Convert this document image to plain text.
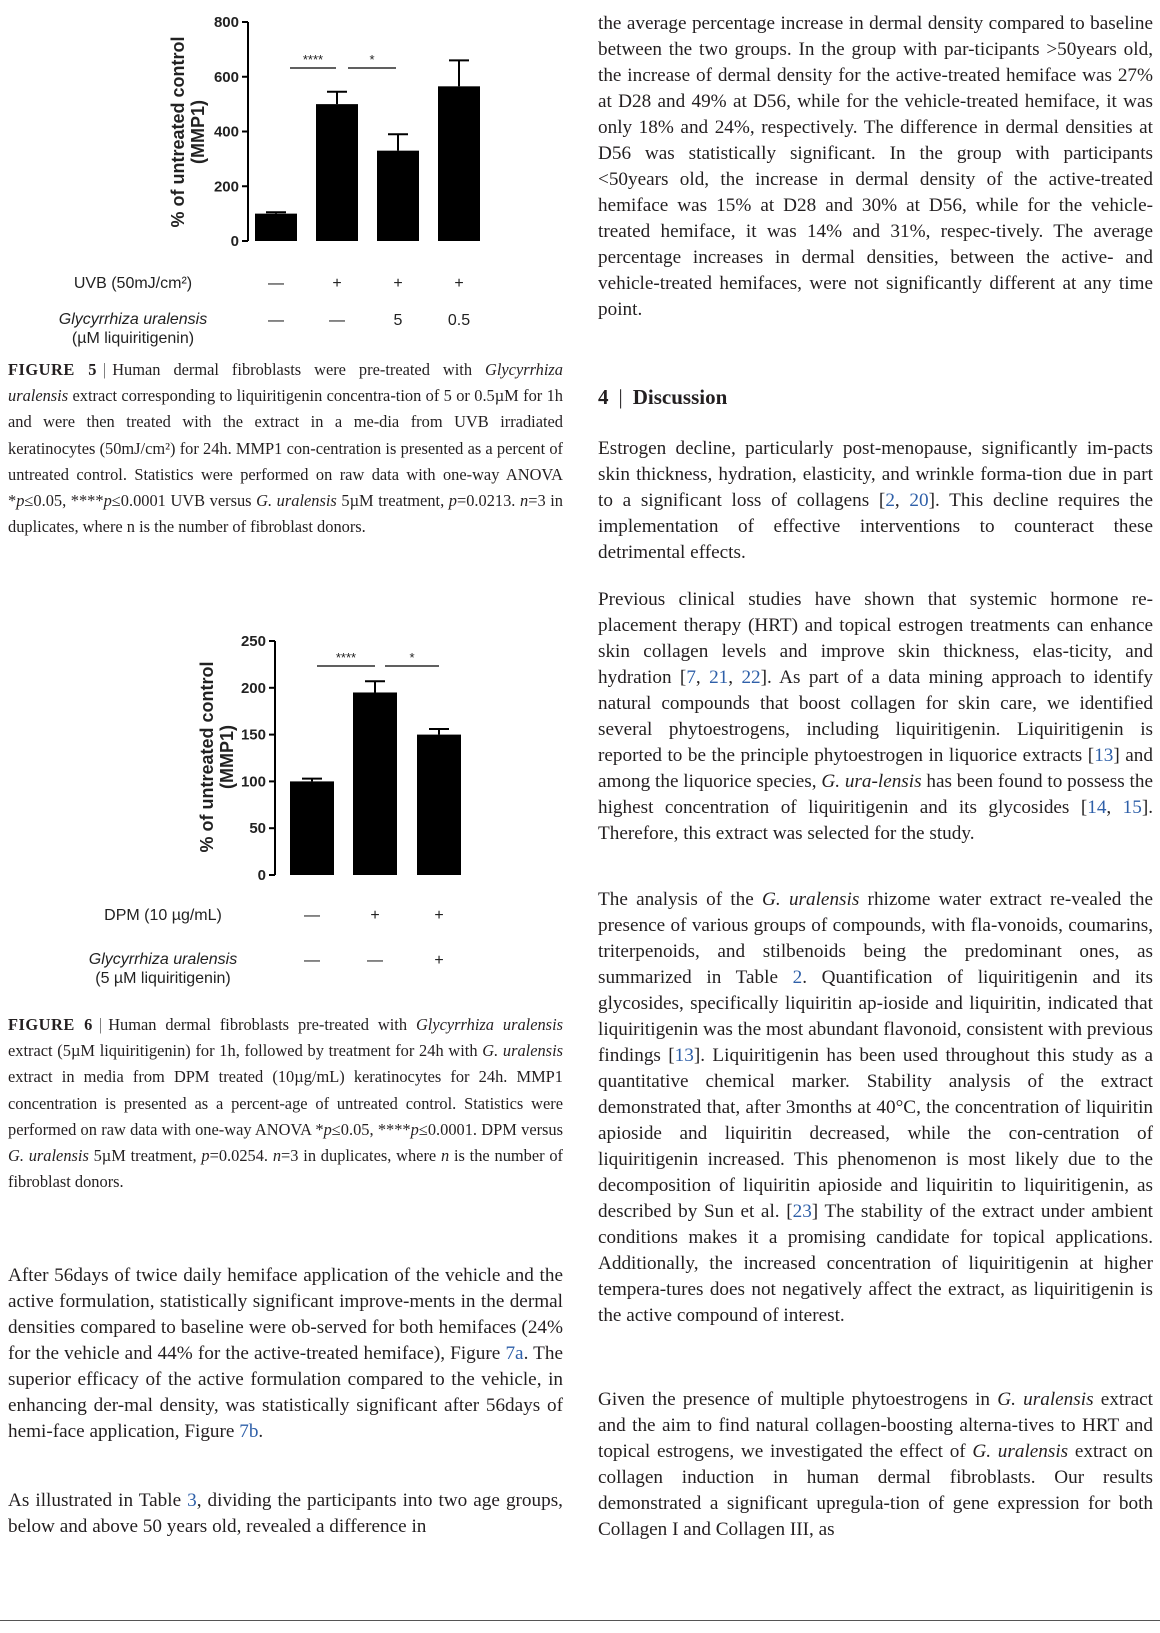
0
200
400
600
800
% of untreated control (MMP1)
****	*
UVB (50mJ/cm²)	—	+	+	+
Glycyrrhiza uralensis
(µM liquiritigenin)
—	—	5	0.5

FIGURE 5 | Human dermal fibroblasts were pre-treated with Glycyrrhiza uralensis extract corresponding to liquiritigenin concentra-tion of 5 or 0.5µM for 1h and were then treated with the extract in a me-dia from UVB irradiated keratinocytes (50mJ/cm²) for 24h. MMP1 con-centration is presented as a percent of untreated control. Statistics were performed on raw data with one-way ANOVA *p≤0.05, ****p≤0.0001 UVB versus G. uralensis 5µM treatment, p=0.0213. n=3 in duplicates, where n is the number of fibroblast donors.

0
50
100
150
200
250
% of untreated control (MMP1)
****	*
DPM (10 µg/mL)	—	+	+
Glycyrrhiza uralensis
(5 µM liquiritigenin)
—	—	+

FIGURE 6 | Human dermal fibroblasts pre-treated with Glycyrrhiza uralensis extract (5µM liquiritigenin) for 1h, followed by treatment for 24h with G. uralensis extract in media from DPM treated (10µg/mL) keratinocytes for 24h. MMP1 concentration is presented as a percent-age of untreated control. Statistics were performed on raw data with one-way ANOVA *p≤0.05, ****p≤0.0001. DPM versus G. uralensis 5µM treatment, p=0.0254. n=3 in duplicates, where n is the number of fibroblast donors.

After 56days of twice daily hemiface application of the vehicle and the active formulation, statistically significant improve-ments in the dermal densities compared to baseline were ob-served for both hemifaces (24% for the vehicle and 44% for the active-treated hemiface), Figure 7a. The superior efficacy of the active formulation compared to the vehicle, in enhancing der-mal density, was statistically significant after 56days of hemi-face application, Figure 7b.

As illustrated in Table 3, dividing the participants into two age groups, below and above 50 years old, revealed a difference in

the average percentage increase in dermal density compared to baseline between the two groups. In the group with par-ticipants >50years old, the increase of dermal density for the active-treated hemiface was 27% at D28 and 49% at D56, while for the vehicle-treated hemiface, it was only 18% and 24%, respectively. The difference in dermal densities at D56 was statistically significant. In the group with participants <50years old, the increase in dermal density of the active-treated hemiface was 15% at D28 and 30% at D56, while for the vehicle-treated hemiface, it was 14% and 31%, respec-tively. The average percentage increases in dermal densities, between the active- and vehicle-treated hemifaces, were not significantly different at any time point.

4 | Discussion

Estrogen decline, particularly post-menopause, significantly im-pacts skin thickness, hydration, elasticity, and wrinkle forma-tion due in part to a significant loss of collagens [2, 20]. This decline requires the implementation of effective interventions to counteract these detrimental effects.

Previous clinical studies have shown that systemic hormone re-placement therapy (HRT) and topical estrogen treatments can enhance skin collagen levels and improve skin thickness, elas-ticity, and hydration [7, 21, 22]. As part of a data mining approach to identify natural compounds that boost collagen for skin care, we identified several phytoestrogens, including liquiritigenin. Liquiritigenin is reported to be the principle phytoestrogen in liquorice extracts [13] and among the liquorice species, G. ura-lensis has been found to possess the highest concentration of liquiritigenin and its glycosides [14, 15]. Therefore, this extract was selected for the study.

The analysis of the G. uralensis rhizome water extract re-vealed the presence of various groups of compounds, with fla-vonoids, coumarins, triterpenoids, and stilbenoids being the predominant ones, as summarized in Table 2. Quantification of liquiritigenin and its glycosides, specifically liquiritin ap-ioside and liquiritin, indicated that liquiritigenin was the most abundant flavonoid, consistent with previous findings [13]. Liquiritigenin has been used throughout this study as a quantitative chemical marker. Stability analysis of the extract demonstrated that, after 3months at 40°C, the concentration of liquiritin apioside and liquiritin decreased, while the con-centration of liquiritigenin increased. This phenomenon is most likely due to the decomposition of liquiritin apioside and liquiritin to liquiritigenin, as described by Sun et al. [23] The stability of the extract under ambient conditions makes it a promising candidate for topical applications. Additionally, the increased concentration of liquiritigenin at higher tempera-tures does not negatively affect the extract, as liquiritigenin is the active compound of interest.

Given the presence of multiple phytoestrogens in G. uralensis extract and the aim to find natural collagen-boosting alterna-tives to HRT and topical estrogens, we investigated the effect of G. uralensis extract on collagen induction in human dermal fibroblasts. Our results demonstrated a significant upregula-tion of gene expression for both Collagen I and Collagen III, as
